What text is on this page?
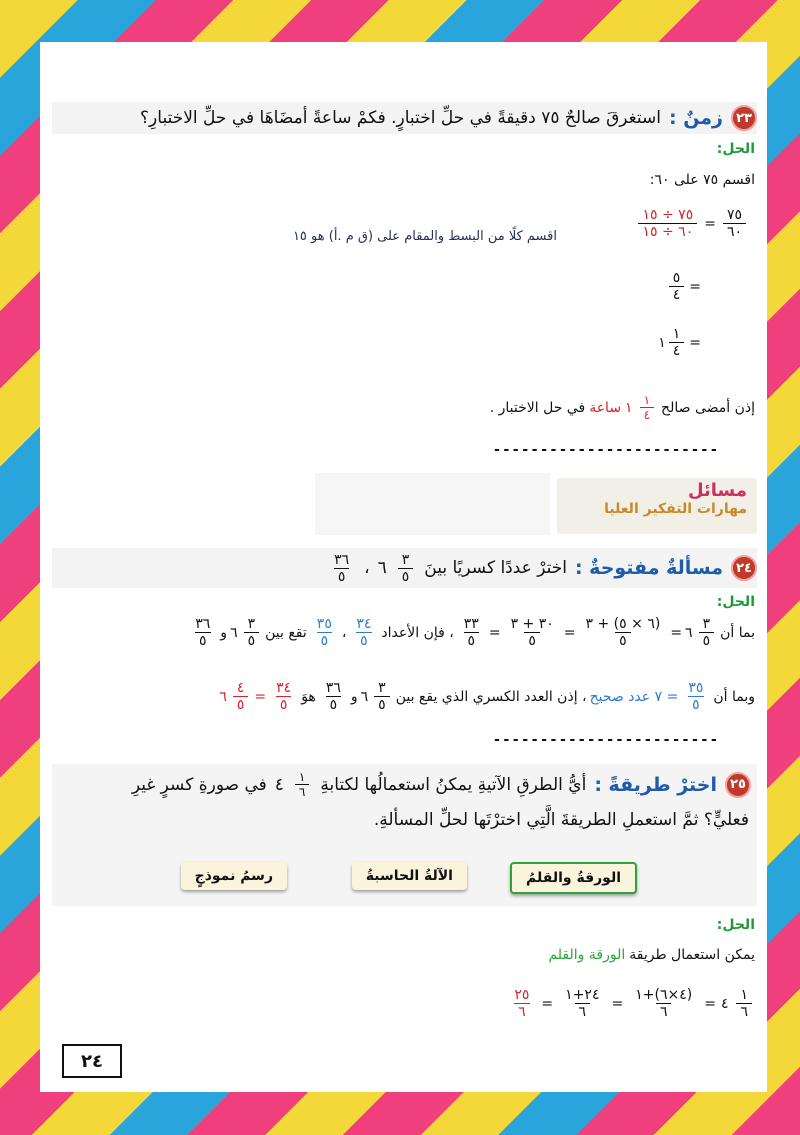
٢٣
زمنٌ :
استغرقَ صالحٌ ٧٥ دقيقةً في حلِّ اختبارٍ. فكمْ ساعةً أمضَاهَا في حلِّ الاختبارِ؟
الحل:
اقسم ٧٥ على ٦٠:
$\frac{٧٥}{٦٠}$
=
$\frac{٧٥ \div ١٥}{٦٠ \div ١٥}$
اقسم كلًا من البسط والمقام على (ق م .أ) هو ١٥
=
$\frac{٥}{٤}$
=
$\frac{١}{٤}$
١
إذن أمضى صالح
$\frac{١}{٤}$
١
ساعة
في حل الاختبار .
------------------------
مسائل
مهارات التفكير العليا
٢٤
مسألةٌ مفتوحةٌ :
اخترْ عددًا كسريًا بينَ
$\frac{٣}{٥}$
٦
،
$\frac{٣٦}{٥}$
الحل:
بما أن
$\frac{٣}{٥}$
٦
=
$\frac{(٦ \times ٥) + ٣}{٥}$
=
$\frac{٣٠ + ٣}{٥}$
=
$\frac{٣٣}{٥}$
، فإن الأعداد
$\frac{٣٤}{٥}$
،
$\frac{٣٥}{٥}$
تقع بين
$\frac{٣}{٥}$
٦
و
$\frac{٣٦}{٥}$
وبما أن
$\frac{٣٥}{٥}$
= ٧ عدد صحيح
، إذن العدد الكسري الذي يقع بين
$\frac{٣}{٥}$
٦
و
$\frac{٣٦}{٥}$
هوَ
$\frac{٣٤}{٥}$
=
$\frac{٤}{٥}$
٦
------------------------
٢٥
اخترْ طريقةً :
أيُّ الطرقِ الآتيةِ يمكنُ استعمالُها لكتابةِ
$\frac{١}{٦}$
٤
في صورةِ كسرٍ غيرِ
فعليٍّ؟ ثمَّ استعملِ الطريقةَ الَّتِي اخترْتَها لحلِّ المسألةِ.
الورقةُ والقلمُ
الآلةُ الحاسبةُ
رسمُ نموذجٍ
الحل:
يمكن استعمال طريقة
الورقة والقلم
$\frac{١}{٦}$
٤
=
$\frac{(٤\times ٦)+١}{٦}$
=
$\frac{٢٤+١}{٦}$
=
$\frac{٢٥}{٦}$
٢٤
